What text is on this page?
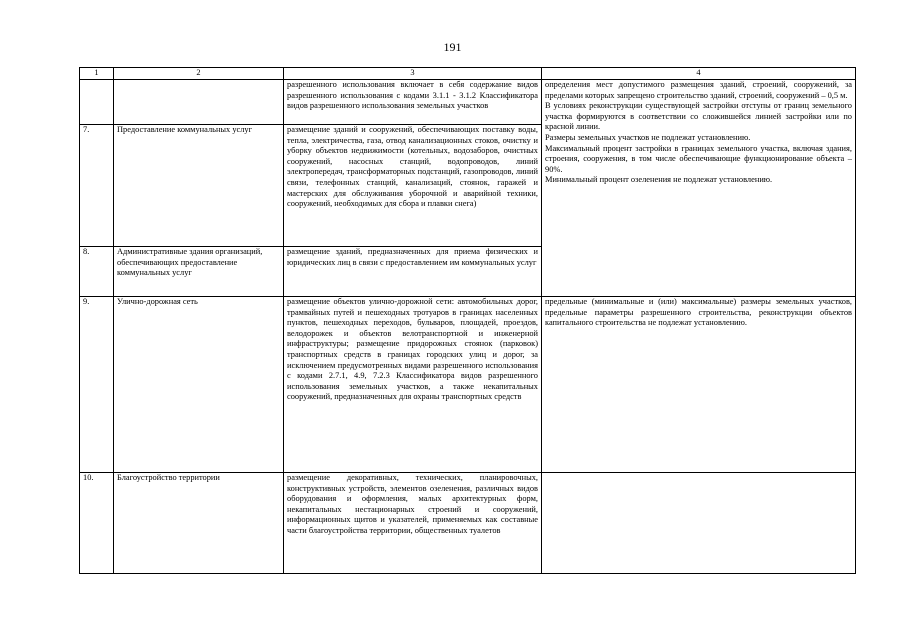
191
1	2	3	4
		разрешенного использования включает в себя содержание видов разрешенного использования с кодами 3.1.1 - 3.1.2 Классификатора видов разрешенного использования земельных участков	определения мест допустимого размещения зданий, строений, сооружений, за пределами которых запрещено строительство зданий, строений, сооружений – 0,5 м.
В условиях реконструкции существующей застройки отступы от границ земельного участка формируются в соответствии со сложившейся линией застройки или по красной линии.
Размеры земельных участков не подлежат установлению.
Максимальный процент застройки в границах земельного участка, включая здания, строения, сооружения, в том числе обеспечивающие функционирование объекта – 90%.
Минимальный процент озеленения не подлежат установлению.

7.	Предоставление коммунальных услуг	размещение зданий и сооружений, обеспечивающих поставку воды, тепла, электричества, газа, отвод канализационных стоков, очистку и уборку объектов недвижимости (котельных, водозаборов, очистных сооружений, насосных станций, водопроводов, линий электропередач, трансформаторных подстанций, газопроводов, линий связи, телефонных станций, канализаций, стоянок, гаражей и мастерских для обслуживания уборочной и аварийной техники, сооружений, необходимых для сбора и плавки снега)	
8.	Административные здания организаций, обеспечивающих предоставление коммунальных услуг	размещение зданий, предназначенных для приема физических и юридических лиц в связи с предоставлением им коммунальных услуг	
9.	Улично-дорожная сеть	размещение объектов улично-дорожной сети: автомобильных дорог, трамвайных путей и пешеходных тротуаров в границах населенных пунктов, пешеходных переходов, бульваров, площадей, проездов, велодорожек и объектов велотранспортной и инженерной инфраструктуры; размещение придорожных стоянок (парковок) транспортных средств в границах городских улиц и дорог, за исключением предусмотренных видами разрешенного использования с кодами 2.7.1, 4.9, 7.2.3 Классификатора видов разрешенного использования земельных участков, а также некапитальных сооружений, предназначенных для охраны транспортных средств	предельные (минимальные и (или) максимальные) размеры земельных участков, предельные параметры разрешенного строительства, реконструкции объектов капитального строительства не подлежат установлению.
10.	Благоустройство территории	размещение декоративных, технических, планировочных, конструктивных устройств, элементов озеленения, различных видов оборудования и оформления, малых архитектурных форм, некапитальных нестационарных строений и сооружений, информационных щитов и указателей, применяемых как составные части благоустройства территории, общественных туалетов	
